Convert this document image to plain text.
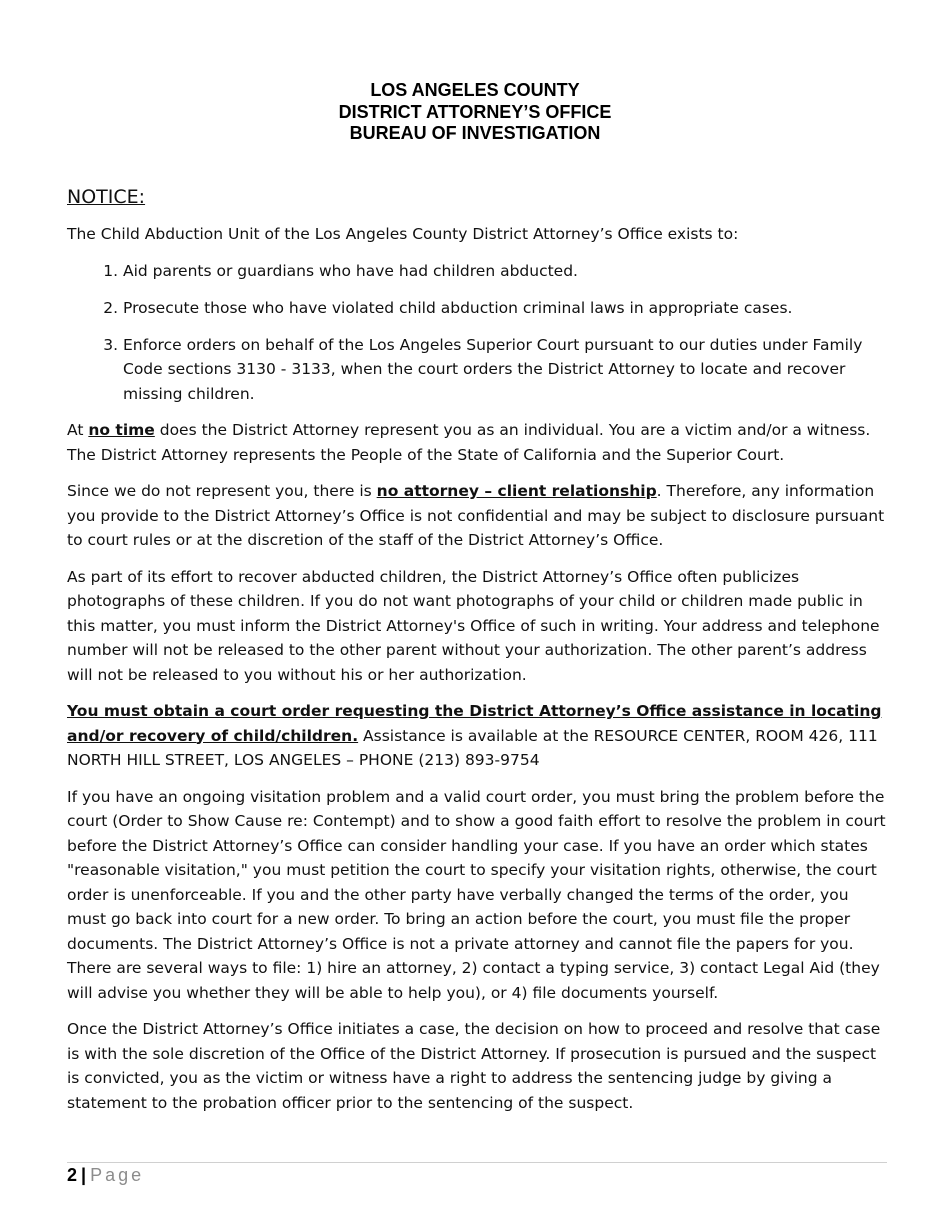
LOS ANGELES COUNTY
DISTRICT ATTORNEY’S OFFICE
BUREAU OF INVESTIGATION
NOTICE:

The Child Abduction Unit of the Los Angeles County District Attorney’s Office exists to:

1. Aid parents or guardians who have had children abducted.
2. Prosecute those who have violated child abduction criminal laws in appropriate cases.
3. Enforce orders on behalf of the Los Angeles Superior Court pursuant to our duties under Family Code sections 3130 - 3133, when the court orders the District Attorney to locate and recover missing children.

At no time does the District Attorney represent you as an individual. You are a victim and/or a witness. The District Attorney represents the People of the State of California and the Superior Court.

Since we do not represent you, there is no attorney – client relationship. Therefore, any information you provide to the District Attorney’s Office is not confidential and may be subject to disclosure pursuant to court rules or at the discretion of the staff of the District Attorney’s Office.

As part of its effort to recover abducted children, the District Attorney’s Office often publicizes photographs of these children. If you do not want photographs of your child or children made public in this matter, you must inform the District Attorney's Office of such in writing. Your address and telephone number will not be released to the other parent without your authorization. The other parent’s address will not be released to you without his or her authorization.

You must obtain a court order requesting the District Attorney’s Office assistance in locating and/or recovery of child/children. Assistance is available at the RESOURCE CENTER, ROOM 426, 111 NORTH HILL STREET, LOS ANGELES – PHONE (213) 893-9754

If you have an ongoing visitation problem and a valid court order, you must bring the problem before the court (Order to Show Cause re: Contempt) and to show a good faith effort to resolve the problem in court before the District Attorney’s Office can consider handling your case. If you have an order which states "reasonable visitation," you must petition the court to specify your visitation rights, otherwise, the court order is unenforceable. If you and the other party have verbally changed the terms of the order, you must go back into court for a new order. To bring an action before the court, you must file the proper documents. The District Attorney’s Office is not a private attorney and cannot file the papers for you. There are several ways to file: 1) hire an attorney, 2) contact a typing service, 3) contact Legal Aid (they will advise you whether they will be able to help you), or 4) file documents yourself.

Once the District Attorney’s Office initiates a case, the decision on how to proceed and resolve that case is with the sole discretion of the Office of the District Attorney. If prosecution is pursued and the suspect is convicted, you as the victim or witness have a right to address the sentencing judge by giving a statement to the probation officer prior to the sentencing of the suspect.

2 | Page
